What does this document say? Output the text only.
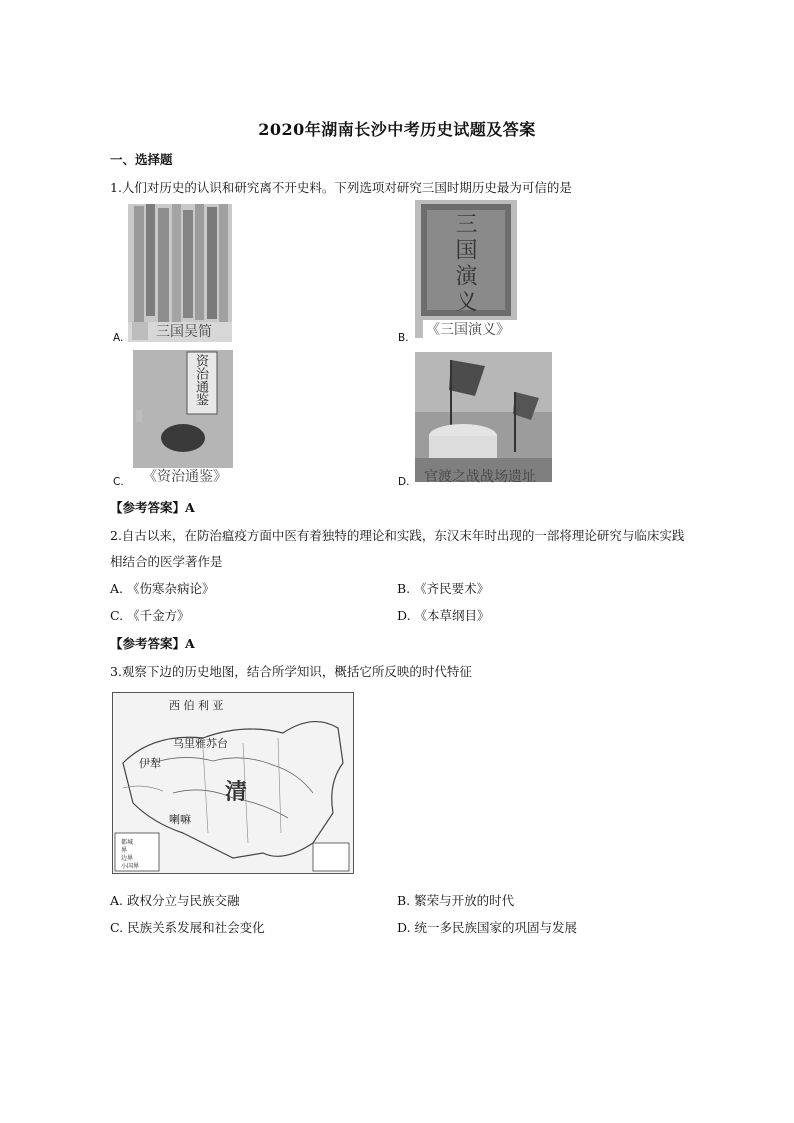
2020年湖南长沙中考历史试题及答案
一、选择题
1.人们对历史的认识和研究离不开史料。下列选项对研究三国时期历史最为可信的是
三国吴简
A.
三国演义
《三国演义》
B.
资治通鉴
《资治通鉴》
C.	官渡之战战场遗址
D.
【参考答案】A
2.自古以来，在防治瘟疫方面中医有着独特的理论和实践，东汉末年时出现的一部将理论研究与临床实践
相结合的医学著作是
A. 《伤寒杂病论》	B. 《齐民要术》
C. 《千金方》	D. 《本草纲目》
【参考答案】A
3.观察下边的历史地图，结合所学知识，概括它所反映的时代特征
西 伯 利 亚
乌里雅苏台
伊犁
清
喇嘛
都城
界
边界
小国界
A. 政权分立与民族交融	B. 繁荣与开放的时代
C. 民族关系发展和社会变化	D. 统一多民族国家的巩固与发展
